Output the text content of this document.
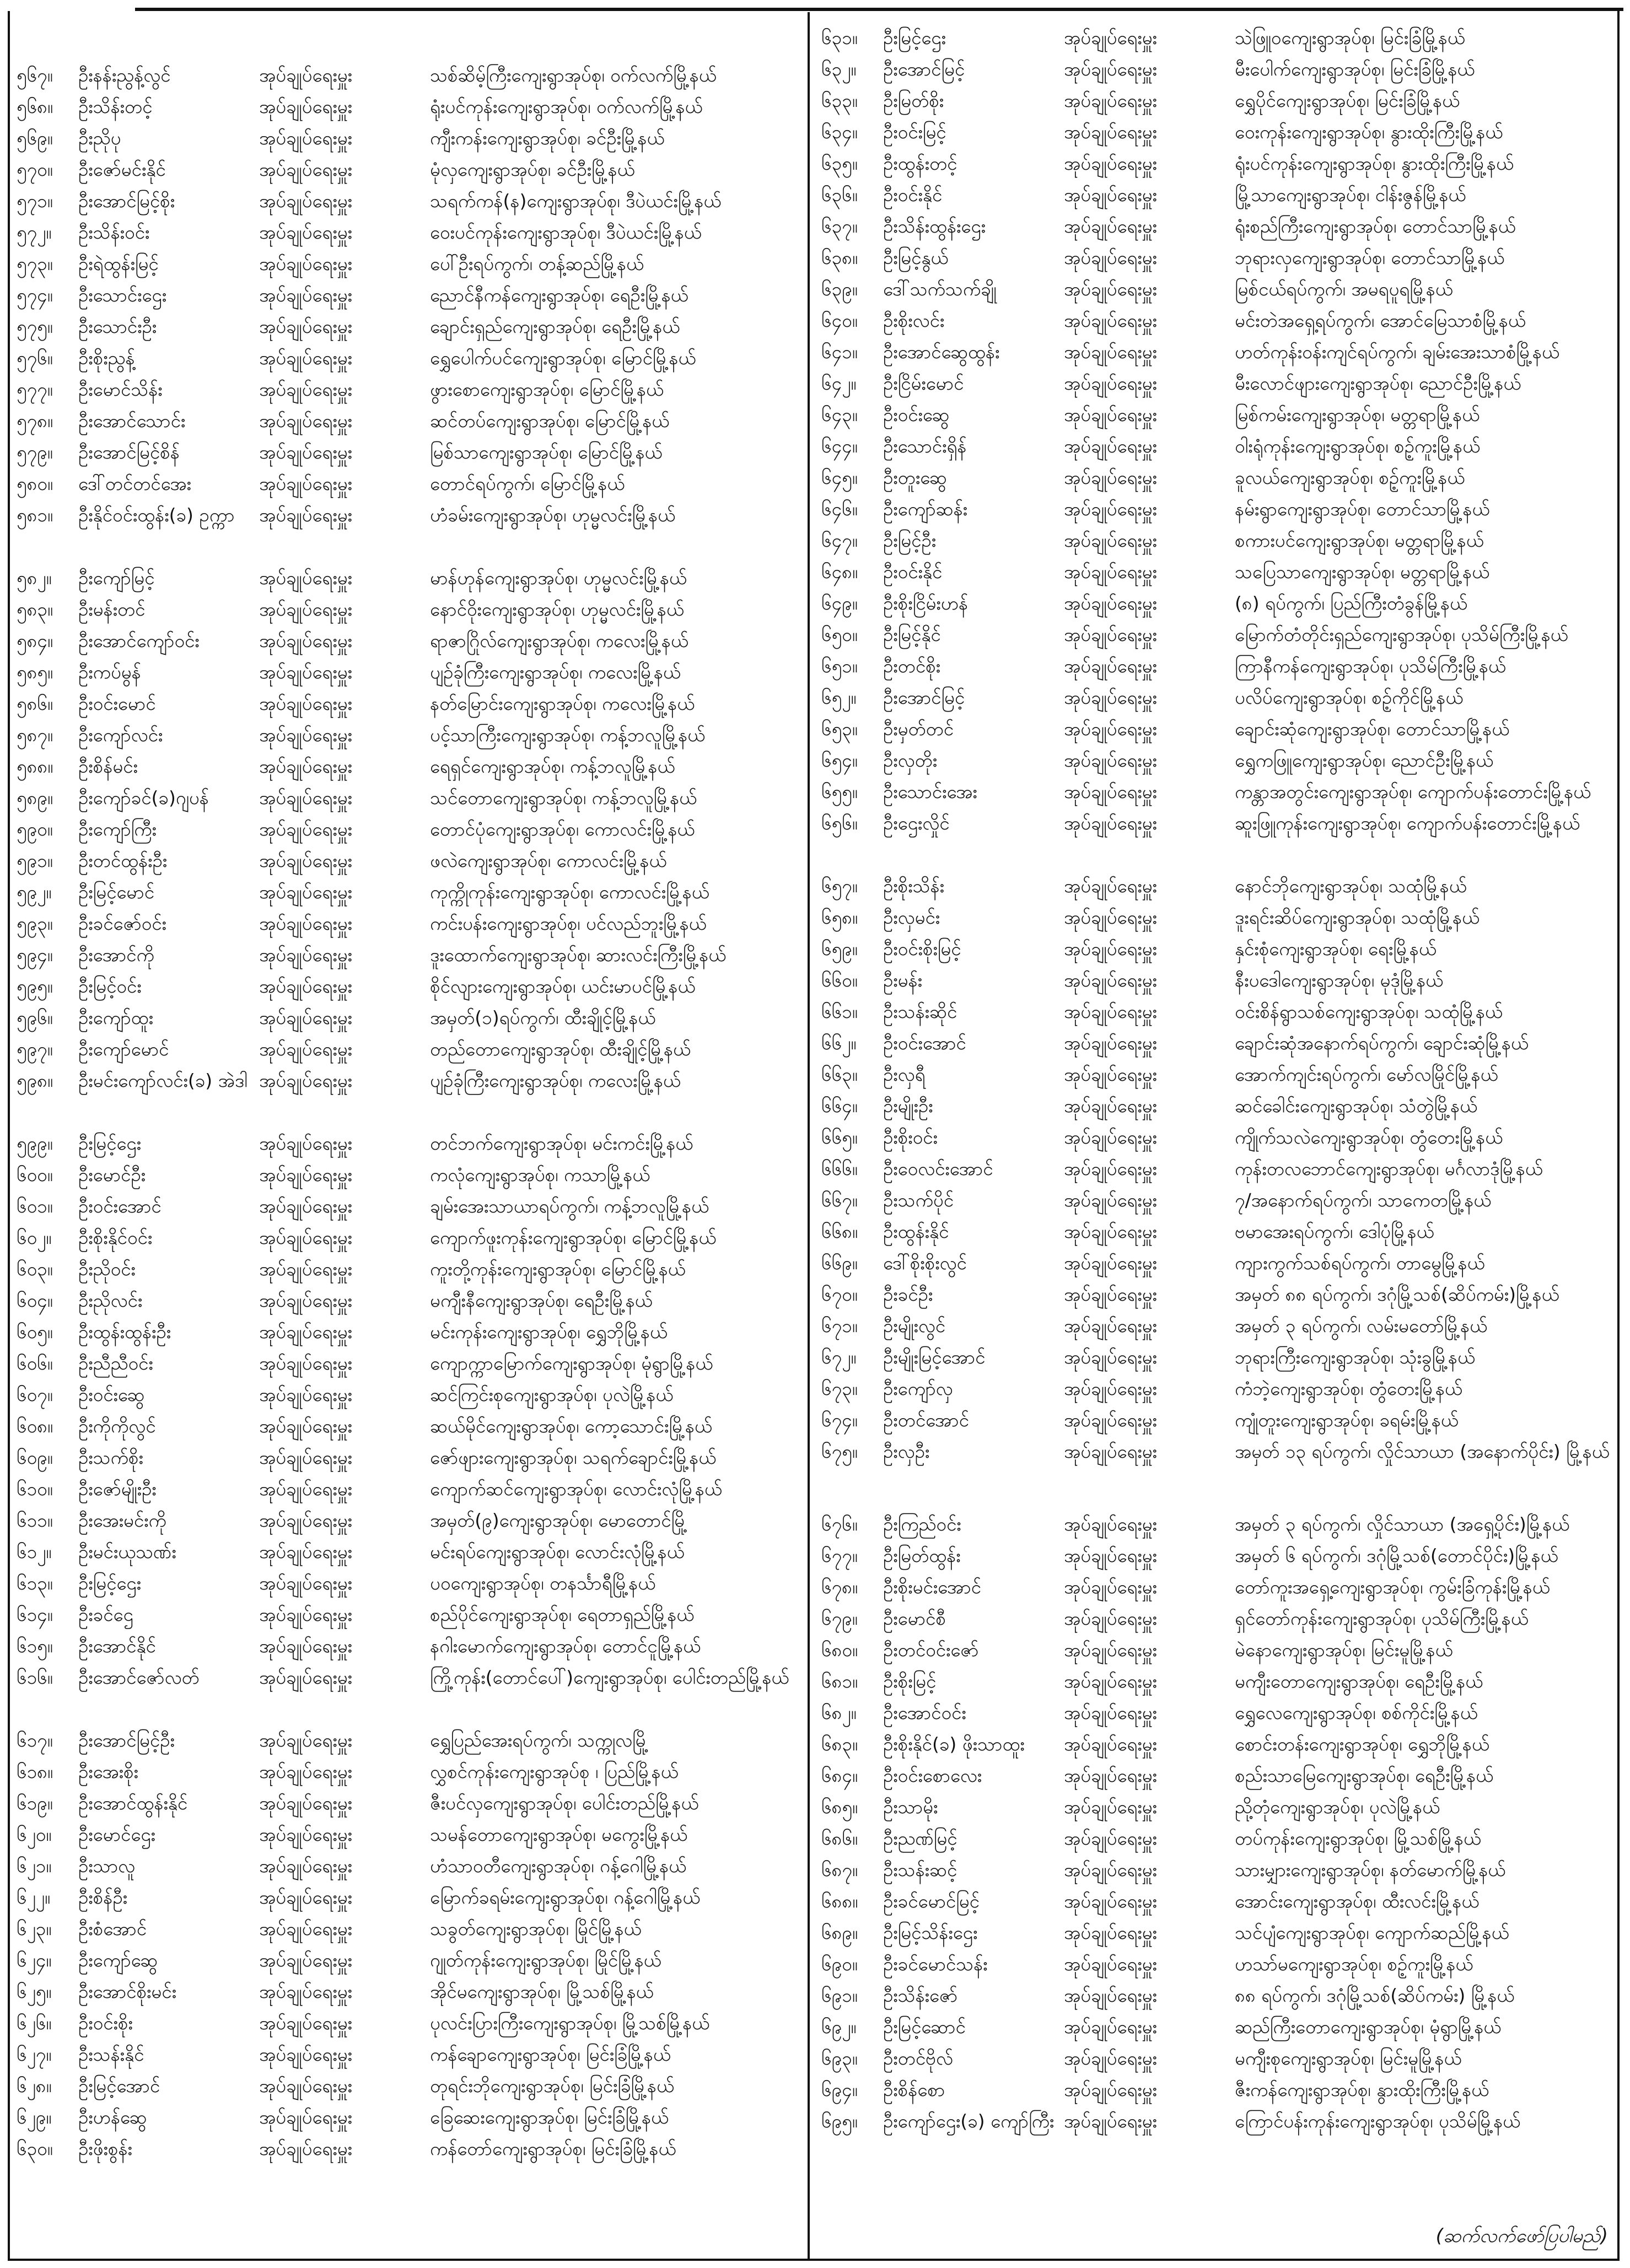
၅၆၇။	ဦးနန်းညွန့်လွင်	အုပ်ချုပ်ရေးမှူး	သစ်ဆိမ့်ကြီးကျေးရွာအုပ်စု၊ ဝက်လက်မြို့နယ်
၅၆၈။	ဦးသိန်းတင့်	အုပ်ချုပ်ရေးမှူး	ရုံးပင်ကုန်းကျေးရွာအုပ်စု၊ ဝက်လက်မြို့နယ်
၅၆၉။	ဦးညိုပု	အုပ်ချုပ်ရေးမှူး	ကျီးကန်းကျေးရွာအုပ်စု၊ ခင်ဦးမြို့နယ်
၅၇၀။	ဦးဇော်မင်းနိုင်	အုပ်ချုပ်ရေးမှူး	မုံလှကျေးရွာအုပ်စု၊ ခင်ဦးမြို့နယ်
၅၇၁။	ဦးအောင်မြင့်စိုး	အုပ်ချုပ်ရေးမှူး	သရက်ကန်(န)ကျေးရွာအုပ်စု၊ ဒီပဲယင်းမြို့နယ်
၅၇၂။	ဦးသိန်းဝင်း	အုပ်ချုပ်ရေးမှူး	ဝေးပင်ကုန်းကျေးရွာအုပ်စု၊ ဒီပဲယင်းမြို့နယ်
၅၇၃။	ဦးရဲထွန်းမြင့်	အုပ်ချုပ်ရေးမှူး	ပေါ်ဦးရပ်ကွက်၊ တန့်ဆည်မြို့နယ်
၅၇၄။	ဦးသောင်းဌေး	အုပ်ချုပ်ရေးမှူး	ညောင်နီကန်ကျေးရွာအုပ်စု၊ ရေဦးမြို့နယ်
၅၇၅။	ဦးသောင်းဦး	အုပ်ချုပ်ရေးမှူး	ချောင်းရှည်ကျေးရွာအုပ်စု၊ ရေဦးမြို့နယ်
၅၇၆။	ဦးစိုးညွန့်	အုပ်ချုပ်ရေးမှူး	ရွှေပေါက်ပင်ကျေးရွာအုပ်စု၊ မြောင်မြို့နယ်
၅၇၇။	ဦးမောင်သိန်း	အုပ်ချုပ်ရေးမှူး	ဖွားစောကျေးရွာအုပ်စု၊ မြောင်မြို့နယ်
၅၇၈။	ဦးအောင်သောင်း	အုပ်ချုပ်ရေးမှူး	ဆင်တပ်ကျေးရွာအုပ်စု၊ မြောင်မြို့နယ်
၅၇၉။	ဦးအောင်မြင့်စိန်	အုပ်ချုပ်ရေးမှူး	မြစ်သာကျေးရွာအုပ်စု၊ မြောင်မြို့နယ်
၅၈၀။	ဒေါ်တင်တင်အေး	အုပ်ချုပ်ရေးမှူး	တောင်ရပ်ကွက်၊ မြောင်မြို့နယ်
၅၈၁။	ဦးနိုင်ဝင်းထွန်း(ခ) ဥက္ကာ	အုပ်ချုပ်ရေးမှူး	ဟံခမ်းကျေးရွာအုပ်စု၊ ဟုမ္မလင်းမြို့နယ်
၅၈၂။	ဦးကျော်မြင့်	အုပ်ချုပ်ရေးမှူး	မာန်ဟုန်ကျေးရွာအုပ်စု၊ ဟုမ္မလင်းမြို့နယ်
၅၈၃။	ဦးမန်းတင်	အုပ်ချုပ်ရေးမှူး	နောင်ဝိုးကျေးရွာအုပ်စု၊ ဟုမ္မလင်းမြို့နယ်
၅၈၄။	ဦးအောင်ကျော်ဝင်း	အုပ်ချုပ်ရေးမှူး	ရာဇာဂြိုလ်ကျေးရွာအုပ်စု၊ ကလေးမြို့နယ်
၅၈၅။	ဦးကပ်မွန်	အုပ်ချုပ်ရေးမှူး	ပျဉ်ခုံကြီးကျေးရွာအုပ်စု၊ ကလေးမြို့နယ်
၅၈၆။	ဦးဝင်းမောင်	အုပ်ချုပ်ရေးမှူး	နတ်မြောင်းကျေးရွာအုပ်စု၊ ကလေးမြို့နယ်
၅၈၇။	ဦးကျော်လင်း	အုပ်ချုပ်ရေးမှူး	ပင့်သာကြီးကျေးရွာအုပ်စု၊ ကန့်ဘလူမြို့နယ်
၅၈၈။	ဦးစိန်မင်း	အုပ်ချုပ်ရေးမှူး	ရေရှင်ကျေးရွာအုပ်စု၊ ကန့်ဘလူမြို့နယ်
၅၈၉။	ဦးကျော်ခင်(ခ)ဂျပန်	အုပ်ချုပ်ရေးမှူး	သင်တောကျေးရွာအုပ်စု၊ ကန့်ဘလူမြို့နယ်
၅၉၀။	ဦးကျော်ကြီး	အုပ်ချုပ်ရေးမှူး	တောင်ပုံကျေးရွာအုပ်စု၊ ကောလင်းမြို့နယ်
၅၉၁။	ဦးတင်ထွန်းဦး	အုပ်ချုပ်ရေးမှူး	ဖလဲကျေးရွာအုပ်စု၊ ကောလင်းမြို့နယ်
၅၉၂။	ဦးမြင့်မောင်	အုပ်ချုပ်ရေးမှူး	ကုက္ကိုကုန်းကျေးရွာအုပ်စု၊ ကောလင်းမြို့နယ်
၅၉၃။	ဦးခင်ဇော်ဝင်း	အုပ်ချုပ်ရေးမှူး	ကင်းပန်းကျေးရွာအုပ်စု၊ ပင်လည်ဘူးမြို့နယ်
၅၉၄။	ဦးအောင်ကို	အုပ်ချုပ်ရေးမှူး	ဒူးထောက်ကျေးရွာအုပ်စု၊ ဆားလင်းကြီးမြို့နယ်
၅၉၅။	ဦးမြင့်ဝင်း	အုပ်ချုပ်ရေးမှူး	စိုင်လျားကျေးရွာအုပ်စု၊ ယင်းမာပင်မြို့နယ်
၅၉၆။	ဦးကျော်ထူး	အုပ်ချုပ်ရေးမှူး	အမှတ်(၁)ရပ်ကွက်၊ ထီးချိုင့်မြို့နယ်
၅၉၇။	ဦးကျော်မောင်	အုပ်ချုပ်ရေးမှူး	တည်တောကျေးရွာအုပ်စု၊ ထီးချိုင့်မြို့နယ်
၅၉၈။	ဦးမင်းကျော်လင်း(ခ) အဲဒါ အုပ်ချုပ်ရေးမှူး	ပျဉ်ခုံကြီးကျေးရွာအုပ်စု၊ ကလေးမြို့နယ်
၅၉၉။	ဦးမြင့်ဌေး	အုပ်ချုပ်ရေးမှူး	တင်ဘက်ကျေးရွာအုပ်စု၊ မင်းကင်းမြို့နယ်
၆၀၀။	ဦးမောင်ဦး	အုပ်ချုပ်ရေးမှူး	ကလုံကျေးရွာအုပ်စု၊ ကသာမြို့နယ်
၆၀၁။	ဦးဝင်းအောင်	အုပ်ချုပ်ရေးမှူး	ချမ်းအေးသာယာရပ်ကွက်၊ ကန့်ဘလူမြို့နယ်
၆၀၂။	ဦးစိုးနိုင်ဝင်း	အုပ်ချုပ်ရေးမှူး	ကျောက်ဖူးကုန်းကျေးရွာအုပ်စု၊ မြောင်မြို့နယ်
၆၀၃။	ဦးညိုဝင်း	အုပ်ချုပ်ရေးမှူး	ကူးတို့ကုန်းကျေးရွာအုပ်စု၊ မြောင်မြို့နယ်
၆၀၄။	ဦးညိုလင်း	အုပ်ချုပ်ရေးမှူး	မကျီးနီကျေးရွာအုပ်စု၊ ရေဦးမြို့နယ်
၆၀၅။	ဦးထွန်းထွန်းဦး	အုပ်ချုပ်ရေးမှူး	မင်းကုန်းကျေးရွာအုပ်စု၊ ရွှေဘိုမြို့နယ်
၆၀၆။	ဦးညီညီဝင်း	အုပ်ချုပ်ရေးမှူး	ကျောက္ကာမြောက်ကျေးရွာအုပ်စု၊ မုံရွာမြို့နယ်
၆၀၇။	ဦးဝင်းဆွေ	အုပ်ချုပ်ရေးမှူး	ဆင်ကြင်းစုကျေးရွာအုပ်စု၊ ပုလဲမြို့နယ်
၆၀၈။	ဦးကိုကိုလွင်	အုပ်ချုပ်ရေးမှူး	ဆယ်မိုင်ကျေးရွာအုပ်စု၊ ကော့သောင်းမြို့နယ်
၆၀၉။	ဦးသက်စိုး	အုပ်ချုပ်ရေးမှူး	ဇော်ဖျားကျေးရွာအုပ်စု၊ သရက်ချောင်းမြို့နယ်
၆၁၀။	ဦးဇော်မျိုးဦး	အုပ်ချုပ်ရေးမှူး	ကျောက်ဆင်ကျေးရွာအုပ်စု၊ လောင်းလုံမြို့နယ်
၆၁၁။	ဦးအေးမင်းကို	အုပ်ချုပ်ရေးမှူး	အမှတ်(၉)ကျေးရွာအုပ်စု၊ မောတောင်မြို့
၆၁၂။	ဦးမင်းယုသဏ်း	အုပ်ချုပ်ရေးမှူး	မင်းရပ်ကျေးရွာအုပ်စု၊ လောင်းလုံမြို့နယ်
၆၁၃။	ဦးမြင့်ဌေး	အုပ်ချုပ်ရေးမှူး	ပဝကျေးရွာအုပ်စု၊ တနင်္သာရီမြို့နယ်
၆၁၄။	ဦးခင်ဌေ	အုပ်ချုပ်ရေးမှူး	စည်ပိုင်ကျေးရွာအုပ်စု၊ ရေတာရှည်မြို့နယ်
၆၁၅။	ဦးအောင်နိုင်	အုပ်ချုပ်ရေးမှူး	နဂါးမောက်ကျေးရွာအုပ်စု၊ တောင်ငူမြို့နယ်
၆၁၆။	ဦးအောင်ဇော်လတ်	အုပ်ချုပ်ရေးမှူး	ကြို့ကုန်း(တောင်ပေါ်)ကျေးရွာအုပ်စု၊ ပေါင်းတည်မြို့နယ်
၆၁၇။	ဦးအောင်မြင့်ဦး	အုပ်ချုပ်ရေးမှူး	ရွှေပြည်အေးရပ်ကွက်၊ သက္ကုလမြို့
၆၁၈။	ဦးအေးစိုး	အုပ်ချုပ်ရေးမှူး	လွှစင်ကုန်းကျေးရွာအုပ်စု ၊ ပြည်မြို့နယ်
၆၁၉။	ဦးအောင်ထွန်းနိုင်	အုပ်ချုပ်ရေးမှူး	ဇီးပင်လှကျေးရွာအုပ်စု၊ ပေါင်းတည်မြို့နယ်
၆၂၀။	ဦးမောင်ဌေး	အုပ်ချုပ်ရေးမှူး	သမန်တောကျေးရွာအုပ်စု၊ မကွေးမြို့နယ်
၆၂၁။	ဦးသာလူ	အုပ်ချုပ်ရေးမှူး	ဟံသာဝတီကျေးရွာအုပ်စု၊ ဂန့်ဂေါမြို့နယ်
၆၂၂။	ဦးစိန်ဦး	အုပ်ချုပ်ရေးမှူး	မြောက်ခရမ်းကျေးရွာအုပ်စု၊ ဂန့်ဂေါမြို့နယ်
၆၂၃။	ဦးစံအောင်	အုပ်ချုပ်ရေးမှူး	သခွတ်ကျေးရွာအုပ်စု၊ မြိုင်မြို့နယ်
၆၂၄။	ဦးကျော်ဆွေ	အုပ်ချုပ်ရေးမှူး	ဂျုတ်ကုန်းကျေးရွာအုပ်စု၊ မြိုင်မြို့နယ်
၆၂၅။	ဦးအောင်စိုးမင်း	အုပ်ချုပ်ရေးမှူး	အိုင်မကျေးရွာအုပ်စု၊ မြို့သစ်မြို့နယ်
၆၂၆။	ဦးဝင်းစိုး	အုပ်ချုပ်ရေးမှူး	ပုလင်းပြားကြီးကျေးရွာအုပ်စု၊ မြို့သစ်မြို့နယ်
၆၂၇။	ဦးသန်းနိုင်	အုပ်ချုပ်ရေးမှူး	ကန်ချောကျေးရွာအုပ်စု၊ မြင်းခြံမြို့နယ်
၆၂၈။	ဦးမြင့်အောင်	အုပ်ချုပ်ရေးမှူး	တုရင်းဘိုကျေးရွာအုပ်စု၊ မြင်းခြံမြို့နယ်
၆၂၉။	ဦးဟန်ဆွေ	အုပ်ချုပ်ရေးမှူး	ခြေဆေးကျေးရွာအုပ်စု၊ မြင်းခြံမြို့နယ်
၆၃၀။	ဦးဖိုးစွန်း	အုပ်ချုပ်ရေးမှူး	ကန်တော်ကျေးရွာအုပ်စု၊ မြင်းခြံမြို့နယ်
၆၃၁။	ဦးမြင့်ဌေး	အုပ်ချုပ်ရေးမှူး	သဲဖြူဝကျေးရွာအုပ်စု၊ မြင်းခြံမြို့နယ်
၆၃၂။	ဦးအောင်မြင့်	အုပ်ချုပ်ရေးမှူး	မီးပေါက်ကျေးရွာအုပ်စု၊ မြင်းခြံမြို့နယ်
၆၃၃။	ဦးမြတ်စိုး	အုပ်ချုပ်ရေးမှူး	ရွှေပိုင်ကျေးရွာအုပ်စု၊ မြင်းခြံမြို့နယ်
၆၃၄။	ဦးဝင်းမြင့်	အုပ်ချုပ်ရေးမှူး	ဝေးကုန်းကျေးရွာအုပ်စု၊ နွားထိုးကြီးမြို့နယ်
၆၃၅။	ဦးထွန်းတင့်	အုပ်ချုပ်ရေးမှူး	ရုံးပင်ကုန်းကျေးရွာအုပ်စု၊ နွားထိုးကြီးမြို့နယ်
၆၃၆။	ဦးဝင်းနိုင်	အုပ်ချုပ်ရေးမှူး	မြို့သာကျေးရွာအုပ်စု၊ ငါန်းဇွန်မြို့နယ်
၆၃၇။	ဦးသိန်းထွန်းဌေး	အုပ်ချုပ်ရေးမှူး	ရုံးစည်ကြီးကျေးရွာအုပ်စု၊ တောင်သာမြို့နယ်
၆၃၈။	ဦးမြင့်နွယ်	အုပ်ချုပ်ရေးမှူး	ဘုရားလှကျေးရွာအုပ်စု၊ တောင်သာမြို့နယ်
၆၃၉။	ဒေါ်သက်သက်ချို	အုပ်ချုပ်ရေးမှူး	မြစ်ငယ်ရပ်ကွက်၊ အမရပူရမြို့နယ်
၆၄၀။	ဦးစိုးလင်း	အုပ်ချုပ်ရေးမှူး	မင်းတဲအရှေ့ရပ်ကွက်၊ အောင်မြေသာစံမြို့နယ်
၆၄၁။	ဦးအောင်ဆွေထွန်း	အုပ်ချုပ်ရေးမှူး	ဟတ်ကုန်းဝန်းကျင်ရပ်ကွက်၊ ချမ်းအေးသာစံမြို့နယ်
၆၄၂။	ဦးငြိမ်းမောင်	အုပ်ချုပ်ရေးမှူး	မီးလောင်ဖျားကျေးရွာအုပ်စု၊ ညောင်ဦးမြို့နယ်
၆၄၃။	ဦးဝင်းဆွေ	အုပ်ချုပ်ရေးမှူး	မြစ်ကမ်းကျေးရွာအုပ်စု၊ မတ္တရာမြို့နယ်
၆၄၄။	ဦးသောင်းရှိန်	အုပ်ချုပ်ရေးမှူး	ဝါးရုံကုန်းကျေးရွာအုပ်စု၊ စဉ့်ကူးမြို့နယ်
၆၄၅။	ဦးတူးဆွေ	အုပ်ချုပ်ရေးမှူး	ခူလယ်ကျေးရွာအုပ်စု၊ စဉ့်ကူးမြို့နယ်
၆၄၆။	ဦးကျော်ဆန်း	အုပ်ချုပ်ရေးမှူး	နမ်းရွာကျေးရွာအုပ်စု၊ တောင်သာမြို့နယ်
၆၄၇။	ဦးမြင့်ဦး	အုပ်ချုပ်ရေးမှူး	စကားပင်ကျေးရွာအုပ်စု၊ မတ္တရာမြို့နယ်
၆၄၈။	ဦးဝင်းနိုင်	အုပ်ချုပ်ရေးမှူး	သပြေသာကျေးရွာအုပ်စု၊ မတ္တရာမြို့နယ်
၆၄၉။	ဦးစိုးငြိမ်းဟန်	အုပ်ချုပ်ရေးမှူး	(၈) ရပ်ကွက်၊ ပြည်ကြီးတံခွန်မြို့နယ်
၆၅၀။	ဦးမြင့်နိုင်	အုပ်ချုပ်ရေးမှူး	မြောက်တံတိုင်းရှည်ကျေးရွာအုပ်စု၊ ပုသိမ်ကြီးမြို့နယ်
၆၅၁။	ဦးတင်စိုး	အုပ်ချုပ်ရေးမှူး	ကြာနီကန်ကျေးရွာအုပ်စု၊ ပုသိမ်ကြီးမြို့နယ်
၆၅၂။	ဦးအောင်မြင့်	အုပ်ချုပ်ရေးမှူး	ပလိပ်ကျေးရွာအုပ်စု၊ စဉ့်ကိုင်မြို့နယ်
၆၅၃။	ဦးမှတ်တင်	အုပ်ချုပ်ရေးမှူး	ချောင်းဆုံကျေးရွာအုပ်စု၊ တောင်သာမြို့နယ်
၆၅၄။	ဦးလှတိုး	အုပ်ချုပ်ရေးမှူး	ရွှေကဖြူကျေးရွာအုပ်စု၊ ညောင်ဦးမြို့နယ်
၆၅၅။	ဦးသောင်းအေး	အုပ်ချုပ်ရေးမှူး	ကန္တာအတွင်းကျေးရွာအုပ်စု၊ ကျောက်ပန်းတောင်းမြို့နယ်
၆၅၆။	ဦးဌေးလှိုင်	အုပ်ချုပ်ရေးမှူး	ဆူးဖြူကုန်းကျေးရွာအုပ်စု၊ ကျောက်ပန်းတောင်းမြို့နယ်
၆၅၇။	ဦးစိုးသိန်း	အုပ်ချုပ်ရေးမှူး	နောင်ဘိုကျေးရွာအုပ်စု၊ သထုံမြို့နယ်
၆၅၈။	ဦးလှမင်း	အုပ်ချုပ်ရေးမှူး	ဒူးရင်းဆိပ်ကျေးရွာအုပ်စု၊ သထုံမြို့နယ်
၆၅၉။	ဦးဝင်းစိုးမြင့်	အုပ်ချုပ်ရေးမှူး	နှင်းစုံကျေးရွာအုပ်စု၊ ရေးမြို့နယ်
၆၆၀။	ဦးမန်း	အုပ်ချုပ်ရေးမှူး	နီးပဒေါကျေးရွာအုပ်စု၊ မုဒုံမြို့နယ်
၆၆၁။	ဦးသန်းဆိုင်	အုပ်ချုပ်ရေးမှူး	ဝင်းစိန်ရွာသစ်ကျေးရွာအုပ်စု၊ သထုံမြို့နယ်
၆၆၂။	ဦးဝင်းအောင်	အုပ်ချုပ်ရေးမှူး	ချောင်းဆုံအနောက်ရပ်ကွက်၊ ချောင်းဆုံမြို့နယ်
၆၆၃။	ဦးလှရီ	အုပ်ချုပ်ရေးမှူး	အောက်ကျင်းရပ်ကွက်၊ မော်လမြိုင်မြို့နယ်
၆၆၄။	ဦးမျိုးဦး	အုပ်ချုပ်ရေးမှူး	ဆင်ခေါင်းကျေးရွာအုပ်စု၊ သံတွဲမြို့နယ်
၆၆၅။	ဦးစိုးဝင်း	အုပ်ချုပ်ရေးမှူး	ကျိုက်သလဲကျေးရွာအုပ်စု၊ တွံတေးမြို့နယ်
၆၆၆။	ဦးဝေလင်းအောင်	အုပ်ချုပ်ရေးမှူး	ကုန်းတလဘောင်ကျေးရွာအုပ်စု၊ မင်္ဂလာဒုံမြို့နယ်
၆၆၇။	ဦးသက်ပိုင်	အုပ်ချုပ်ရေးမှူး	၇/အနောက်ရပ်ကွက်၊ သာကေတမြို့နယ်
၆၆၈။	ဦးထွန်းနိုင်	အုပ်ချုပ်ရေးမှူး	ဗမာအေးရပ်ကွက်၊ ဒေါပုံမြို့နယ်
၆၆၉။	ဒေါ်စိုးစိုးလွင်	အုပ်ချုပ်ရေးမှူး	ကျားကွက်သစ်ရပ်ကွက်၊ တာမွေမြို့နယ်
၆၇၀။	ဦးခင်ဦး	အုပ်ချုပ်ရေးမှူး	အမှတ် ၈၈ ရပ်ကွက်၊ ဒဂုံမြို့သစ်(ဆိပ်ကမ်း)မြို့နယ်
၆၇၁။	ဦးမျိုးလွင်	အုပ်ချုပ်ရေးမှူး	အမှတ် ၃ ရပ်ကွက်၊ လမ်းမတော်မြို့နယ်
၆၇၂။	ဦးမျိုးမြင့်အောင်	အုပ်ချုပ်ရေးမှူး	ဘုရားကြီးကျေးရွာအုပ်စု၊ သုံးခွမြို့နယ်
၆၇၃။	ဦးကျော်လှ	အုပ်ချုပ်ရေးမှူး	ကံဘဲ့ကျေးရွာအုပ်စု၊ တွံတေးမြို့နယ်
၆၇၄။	ဦးတင်အောင်	အုပ်ချုပ်ရေးမှူး	ကျုံတူးကျေးရွာအုပ်စု၊ ခရမ်းမြို့နယ်
၆၇၅။	ဦးလှဦး	အုပ်ချုပ်ရေးမှူး	အမှတ် ၁၃ ရပ်ကွက်၊ လှိုင်သာယာ (အနောက်ပိုင်း) မြို့နယ်
၆၇၆။	ဦးကြည်ဝင်း	အုပ်ချုပ်ရေးမှူး	အမှတ် ၃ ရပ်ကွက်၊ လှိုင်သာယာ (အရှေ့ပိုင်း)မြို့နယ်
၆၇၇။	ဦးမြတ်ထွန်း	အုပ်ချုပ်ရေးမှူး	အမှတ် ၆ ရပ်ကွက်၊ ဒဂုံမြို့သစ်(တောင်ပိုင်း)မြို့နယ်
၆၇၈။	ဦးစိုးမင်းအောင်	အုပ်ချုပ်ရေးမှူး	တော်ကူးအရှေ့ကျေးရွာအုပ်စု၊ ကွမ်းခြံကုန်းမြို့နယ်
၆၇၉။	ဦးမောင်စီ	အုပ်ချုပ်ရေးမှူး	ရှင်တော်ကုန်းကျေးရွာအုပ်စု၊ ပုသိမ်ကြီးမြို့နယ်
၆၈၀။	ဦးတင်ဝင်းဇော်	အုပ်ချုပ်ရေးမှူး	မဲနောကျေးရွာအုပ်စု၊ မြင်းမူမြို့နယ်
၆၈၁။	ဦးစိုးမြင့်	အုပ်ချုပ်ရေးမှူး	မကျီးတောကျေးရွာအုပ်စု၊ ရေဦးမြို့နယ်
၆၈၂။	ဦးအောင်ဝင်း	အုပ်ချုပ်ရေးမှူး	ရွှေလေကျေးရွာအုပ်စု၊ စစ်ကိုင်းမြို့နယ်
၆၈၃။	ဦးစိုးနိုင်(ခ) ဖိုးသာထူး	အုပ်ချုပ်ရေးမှူး	စောင်းတန်းကျေးရွာအုပ်စု၊ ရွှေဘိုမြို့နယ်
၆၈၄။	ဦးဝင်းစောလေး	အုပ်ချုပ်ရေးမှူး	စည်းသာမြေကျေးရွာအုပ်စု၊ ရေဦးမြို့နယ်
၆၈၅။	ဦးသာမိုး	အုပ်ချုပ်ရေးမှူး	ညို့တုံကျေးရွာအုပ်စု၊ ပုလဲမြို့နယ်
၆၈၆။	ဦးညဏ်မြင့်	အုပ်ချုပ်ရေးမှူး	တပ်ကုန်းကျေးရွာအုပ်စု၊ မြို့သစ်မြို့နယ်
၆၈၇။	ဦးသန်းဆင့်	အုပ်ချုပ်ရေးမှူး	သားမျှားကျေးရွာအုပ်စု၊ နတ်မောက်မြို့နယ်
၆၈၈။	ဦးခင်မောင်မြင့်	အုပ်ချုပ်ရေးမှူး	အောင်းကျေးရွာအုပ်စု၊ ထီးလင်းမြို့နယ်
၆၈၉။	ဦးမြင့်သိန်းဌေး	အုပ်ချုပ်ရေးမှူး	သင်ပျံကျေးရွာအုပ်စု၊ ကျောက်ဆည်မြို့နယ်
၆၉၀။	ဦးခင်မောင်သန်း	အုပ်ချုပ်ရေးမှူး	ဟသာ်မကျေးရွာအုပ်စု၊ စဉ့်ကူးမြို့နယ်
၆၉၁။	ဦးသိန်းဇော်	အုပ်ချုပ်ရေးမှူး	၈၈ ရပ်ကွက်၊ ဒဂုံမြို့သစ်(ဆိပ်ကမ်း) မြို့နယ်
၆၉၂။	ဦးမြင့်ဆောင်	အုပ်ချုပ်ရေးမှူး	ဆည်ကြီးတောကျေးရွာအုပ်စု၊ မုံရွာမြို့နယ်
၆၉၃။	ဦးတင်ဗိုလ်	အုပ်ချုပ်ရေးမှူး	မကျီးစုကျေးရွာအုပ်စု၊ မြင်းမူမြို့နယ်
၆၉၄။	ဦးစိန်စော	အုပ်ချုပ်ရေးမှူး	ဇီးကန်ကျေးရွာအုပ်စု၊ နွားထိုးကြီးမြို့နယ်
၆၉၅။	ဦးကျော်ဌေး(ခ) ကျော်ကြီး အုပ်ချုပ်ရေးမှူး	ကြောင်ပန်းကုန်းကျေးရွာအုပ်စု၊ ပုသိမ်မြို့နယ်
(ဆက်လက်ဖော်ပြပါမည်)
